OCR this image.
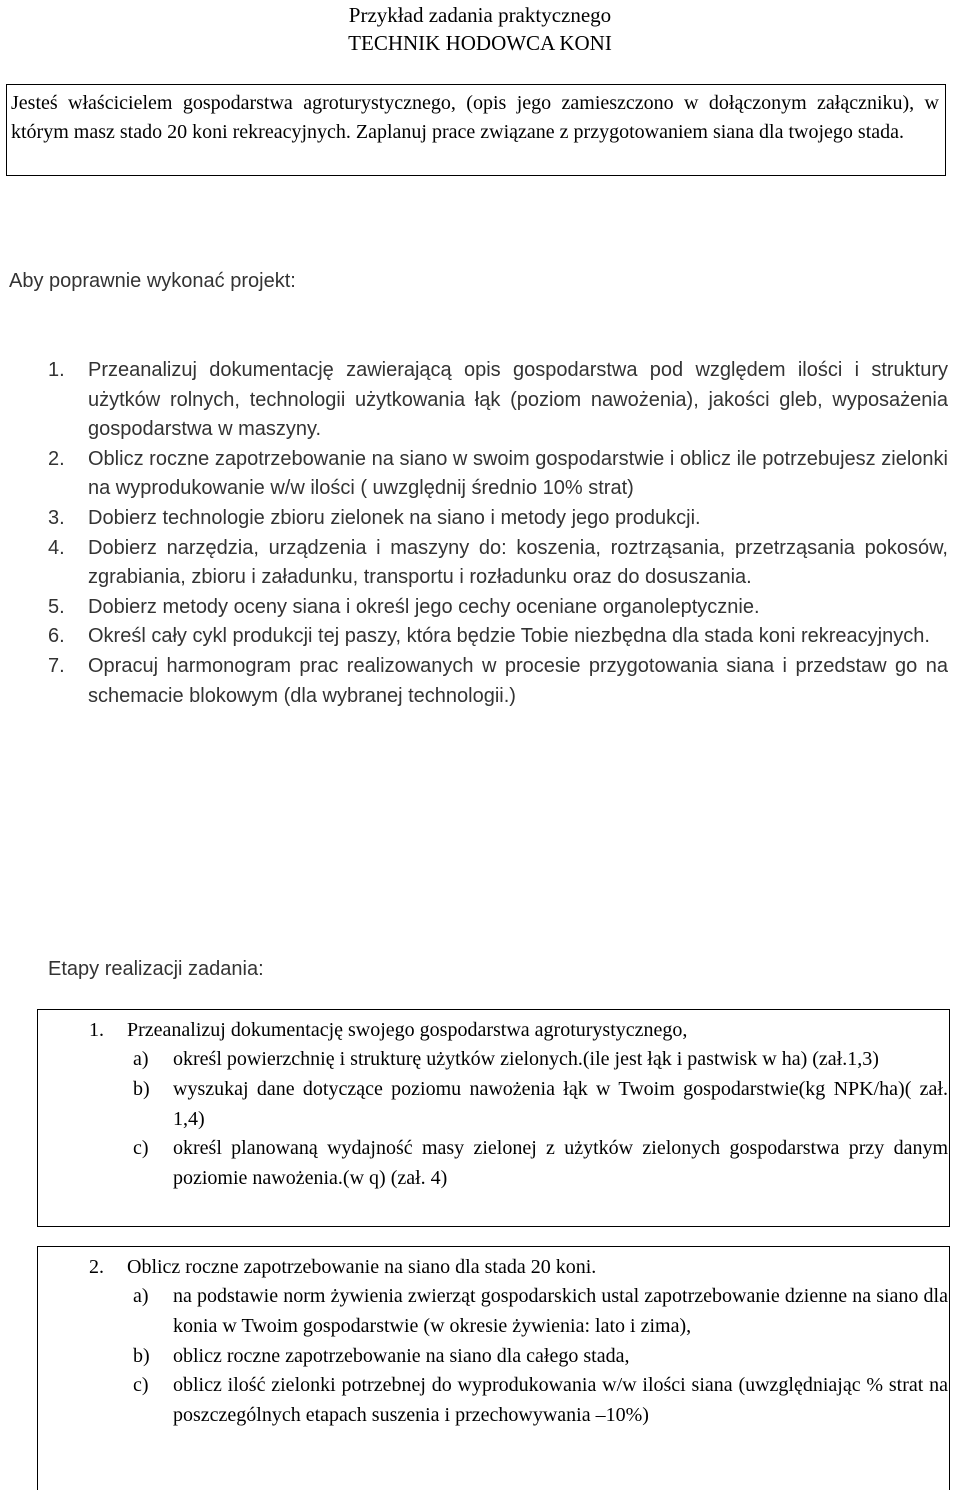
Przykład zadania praktycznego
TECHNIK HODOWCA KONI

Jesteś właścicielem gospodarstwa agroturystycznego, (opis jego zamieszczono w dołączonym załączniku), w którym masz stado 20 koni rekreacyjnych. Zaplanuj prace związane z przygotowaniem siana dla twojego stada.

Aby poprawnie wykonać projekt:
1. Przeanalizuj dokumentację zawierającą opis gospodarstwa pod względem ilości i struktury użytków rolnych, technologii użytkowania łąk (poziom nawożenia), jakości gleb, wyposażenia gospodarstwa w maszyny.
2. Oblicz roczne zapotrzebowanie na siano w swoim gospodarstwie i oblicz ile potrzebujesz zielonki na wyprodukowanie w/w ilości ( uwzględnij średnio 10% strat)
3. Dobierz technologie zbioru zielonek na siano i metody jego produkcji.
4. Dobierz narzędzia, urządzenia i maszyny do: koszenia, roztrząsania, przetrząsania pokosów, zgrabiania, zbioru i załadunku, transportu i rozładunku oraz do dosuszania.
5. Dobierz metody oceny siana i określ jego cechy oceniane organoleptycznie.
6. Określ cały cykl produkcji tej paszy, która będzie Tobie niezbędna dla stada koni rekreacyjnych.
7. Opracuj harmonogram prac realizowanych w procesie przygotowania siana i przedstaw go na schemacie blokowym (dla wybranej technologii.)
Etapy realizacji zadania:
1. Przeanalizuj dokumentację swojego gospodarstwa agroturystycznego,
a) określ powierzchnię i strukturę użytków zielonych.(ile jest łąk i pastwisk w ha) (zał.1,3)
b) wyszukaj dane dotyczące poziomu nawożenia łąk w Twoim gospodarstwie(kg NPK/ha)( zał. 1,4)
c) określ planowaną wydajność masy zielonej z użytków zielonych gospodarstwa przy danym poziomie nawożenia.(w q) (zał. 4)
2. Oblicz roczne zapotrzebowanie na siano dla stada 20 koni.
a) na podstawie norm żywienia zwierząt gospodarskich ustal zapotrzebowanie dzienne na siano dla konia w Twoim gospodarstwie (w okresie żywienia: lato i zima),
b) oblicz roczne zapotrzebowanie na siano dla całego stada,
c) oblicz ilość zielonki potrzebnej do wyprodukowania w/w ilości siana (uwzględniając % strat na poszczególnych etapach suszenia i przechowywania –10%)
